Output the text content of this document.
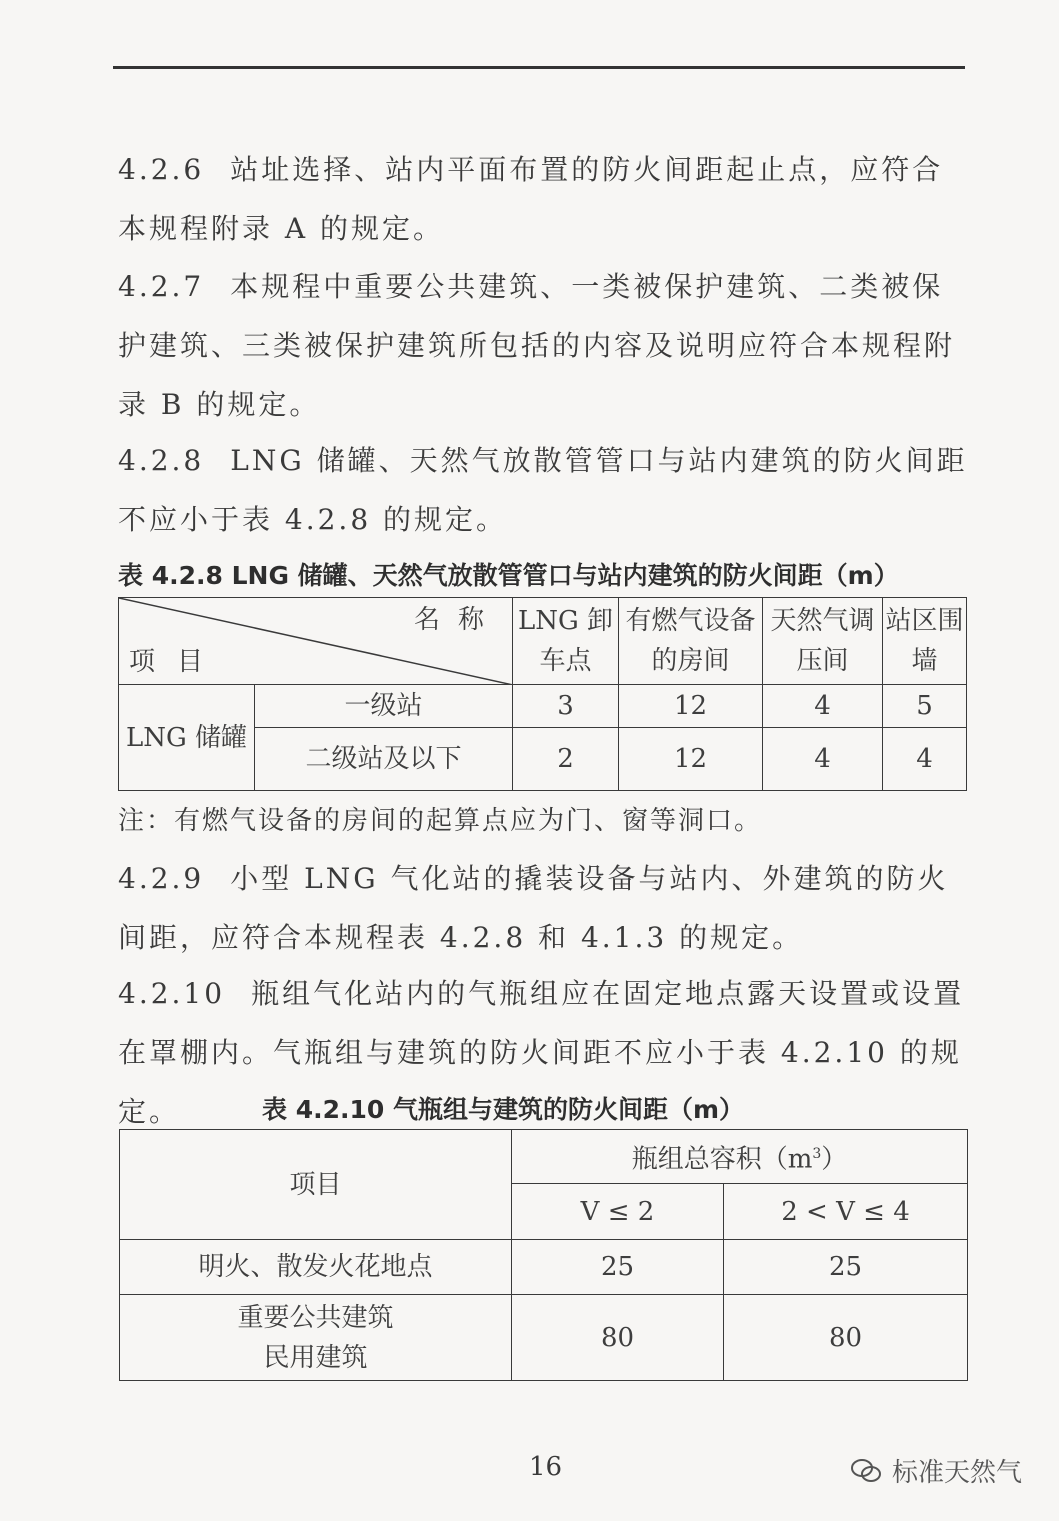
4.2.6 站址选择、站内平面布置的防火间距起止点，应符合本规程附录 A 的规定。
4.2.7 本规程中重要公共建筑、一类被保护建筑、二类被保护建筑、三类被保护建筑所包括的内容及说明应符合本规程附录 B 的规定。
4.2.8 LNG 储罐、天然气放散管管口与站内建筑的防火间距不应小于表 4.2.8 的规定。
表 4.2.8 LNG 储罐、天然气放散管管口与站内建筑的防火间距（m）
名称
项目		LNG 卸车点	有燃气设备的房间	天然气调压间	站区围墙
LNG 储罐	一级站	3	12	4	5
	二级站及以下	2	12	4	4
注：有燃气设备的房间的起算点应为门、窗等洞口。
4.2.9 小型 LNG 气化站的撬装设备与站内、外建筑的防火间距，应符合本规程表 4.2.8 和 4.1.3 的规定。
4.2.10 瓶组气化站内的气瓶组应在固定地点露天设置或设置在罩棚内。气瓶组与建筑的防火间距不应小于表 4.2.10 的规定。	表 4.2.10 气瓶组与建筑的防火间距（m）
项目	瓶组总容积$(m^3)$	
	V ≤ 2	2 < V ≤ 4
明火、散发火花地点	25	25

重要公共建筑民用建筑	80	80
16	标准天然气
